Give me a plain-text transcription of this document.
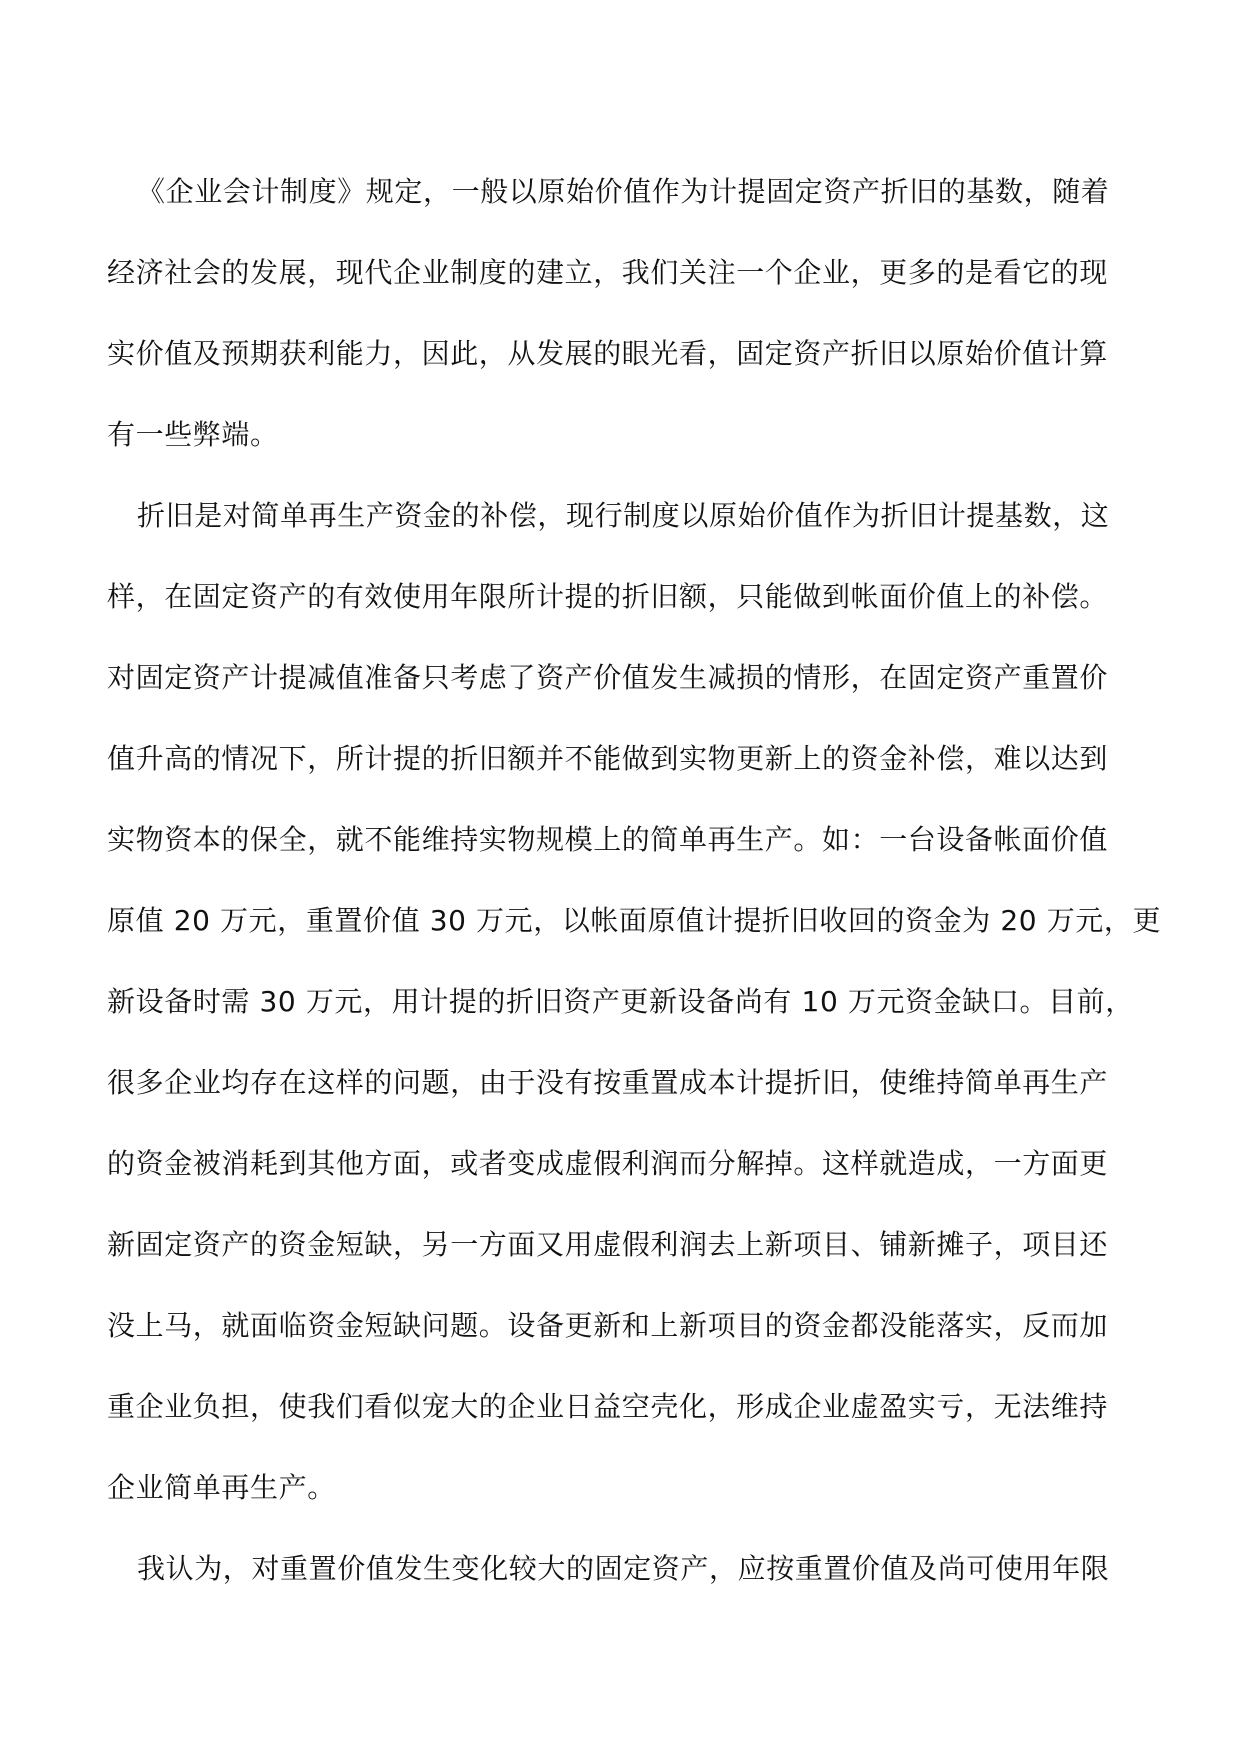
《企业会计制度》规定，一般以原始价值作为计提固定资产折旧的基数，随着
经济社会的发展，现代企业制度的建立，我们关注一个企业，更多的是看它的现
实价值及预期获利能力，因此，从发展的眼光看，固定资产折旧以原始价值计算
有一些弊端。
折旧是对简单再生产资金的补偿，现行制度以原始价值作为折旧计提基数，这
样，在固定资产的有效使用年限所计提的折旧额，只能做到帐面价值上的补偿。
对固定资产计提减值准备只考虑了资产价值发生减损的情形，在固定资产重置价
值升高的情况下，所计提的折旧额并不能做到实物更新上的资金补偿，难以达到
实物资本的保全，就不能维持实物规模上的简单再生产。如：一台设备帐面价值
原值 20 万元，重置价值 30 万元，以帐面原值计提折旧收回的资金为 20 万元，更
新设备时需 30 万元，用计提的折旧资产更新设备尚有 10 万元资金缺口。目前，
很多企业均存在这样的问题，由于没有按重置成本计提折旧，使维持简单再生产
的资金被消耗到其他方面，或者变成虚假利润而分解掉。这样就造成，一方面更
新固定资产的资金短缺，另一方面又用虚假利润去上新项目、铺新摊子，项目还
没上马，就面临资金短缺问题。设备更新和上新项目的资金都没能落实，反而加
重企业负担，使我们看似宠大的企业日益空壳化，形成企业虚盈实亏，无法维持
企业简单再生产。
我认为，对重置价值发生变化较大的固定资产，应按重置价值及尚可使用年限
